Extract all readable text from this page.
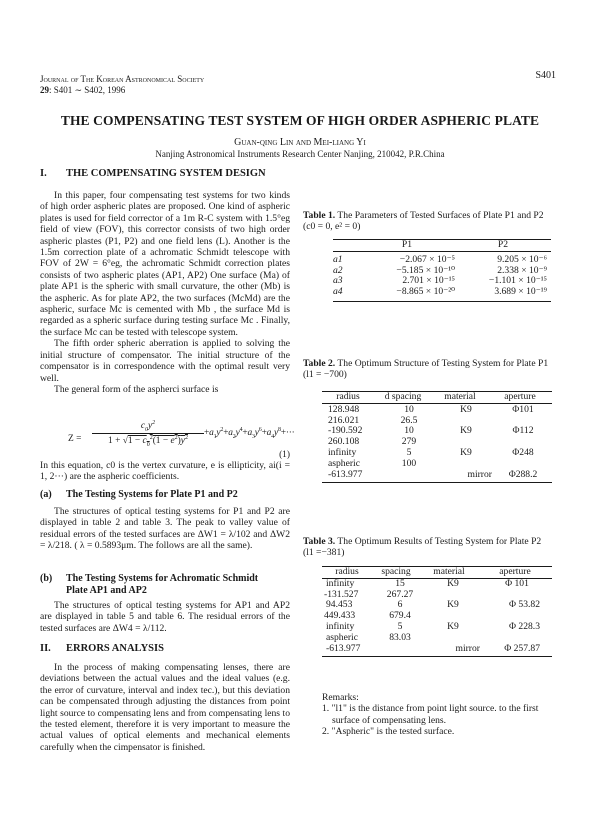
Journal of The Korean Astronomical Society
29: S401 ∼ S402, 1996
S401
THE COMPENSATING TEST SYSTEM OF HIGH ORDER ASPHERIC PLATE
Guan-qing Lin and Mei-liang Yi
Nanjing Astronomical Instruments Research Center Nanjing, 210042, P.R.China
I. THE COMPENSATING SYSTEM DESIGN

In this paper, four compensating test systems for two kinds of high order aspheric plates are proposed. One kind of aspheric plates is used for field corrector of a 1m R-C system with 1.5°eg field of view (FOV), this corrector consists of two high order aspheric plastes (P1, P2) and one field lens (L). Another is the 1.5m correction plate of a achromatic Schmidt telescope with FOV of 2W = 6°eg, the achromatic Schmidt correction plates consists of two aspheric plates (AP1, AP2) One surface (Ma) of plate AP1 is the spheric with small curvature, the other (Mb) is the aspheric. As for plate AP2, the two surfaces (McMd) are the aspheric, surface Mc is cemented with Mb , the surface Md is regarded as a spheric surface during testing surface Mc . Finally, the surface Mc can be tested with telescope system.

The fifth order spheric aberration is applied to solving the initial structure of compensator. The initial structure of the compensator is in correspondence with the optimal result very well.

The general form of the aspherci surface is

Z =
$c_0y^2$
$1 + √1 - c_0^2(1 - e^2)y^2$	$+a_1y^2+a_2y^4+a_3y^6+a_4y^8+\cdot\cdot\cdot$
(1)
In this equation, c0 is the vertex curvature, e is ellipticity, ai(i = 1, 2···) are the aspheric coefficients.
(a) The Testing Systems for Plate P1 and P2

The structures of optical testing systems for P1 and P2 are displayed in table 2 and table 3. The peak to valley value of residual errors of the tested surfaces are ΔW1 = λ/102 and ΔW2 = λ/218. ( λ = 0.5893μm. The follows are all the same).

(b) The Testing Systems for Achromatic Schmidt
Plate AP1 and AP2

The structures of optical testing systems for AP1 and AP2 are displayed in table 5 and table 6. The residual errors of the tested surfaces are ΔW4 = λ/112.

II. ERRORS ANALYSIS

In the process of making compensating lenses, there are deviations between the actual values and the ideal values (e.g. the error of curvature, interval and index tec.), but this deviation can be compensated through adjusting the distances from point light source to compensating lens and from compensating lens to the tested element, therefore it is very important to measure the actual values of optical elements and mechanical elements carefully when the cimpensator is finished.

Table 1. The Parameters of Tested Surfaces of Plate P1 and P2 (c0 = 0, e² = 0)
	P1	P2
a1	−2.067 × 10⁻⁵	9.205 × 10⁻⁶
a2	−5.185 × 10⁻¹⁰	2.338 × 10⁻⁹
a3	2.701 × 10⁻¹⁵	−1.101 × 10⁻¹⁵
a4	−8.865 × 10⁻²⁰	3.689 × 10⁻¹⁹
Table 2. The Optimum Structure of Testing System for Plate P1 (l1 = −700)
radius	d spacing	material	aperture
128.948	10	K9	Φ101
216.021	26.5		
-190.592	10	K9	Φ112
260.108	279		
infinity	5	K9	Φ248
aspheric	100		
-613.977		mirror	Φ288.2
Table 3. The Optimum Results of Testing System for Plate P2 (l1 =−381)
radius	spacing	material	aperture
infinity	15	K9	Φ 101
-131.527	267.27		
94.453	6	K9	Φ 53.82
449.433	679.4		
infinity	5	K9	Φ 228.3
aspheric	83.03		
-613.977		mirror	Φ 257.87
Remarks:
1. "l1" is the distance from point light source. to the first surface of compensating lens.
2. "Aspheric" is the tested surface.
